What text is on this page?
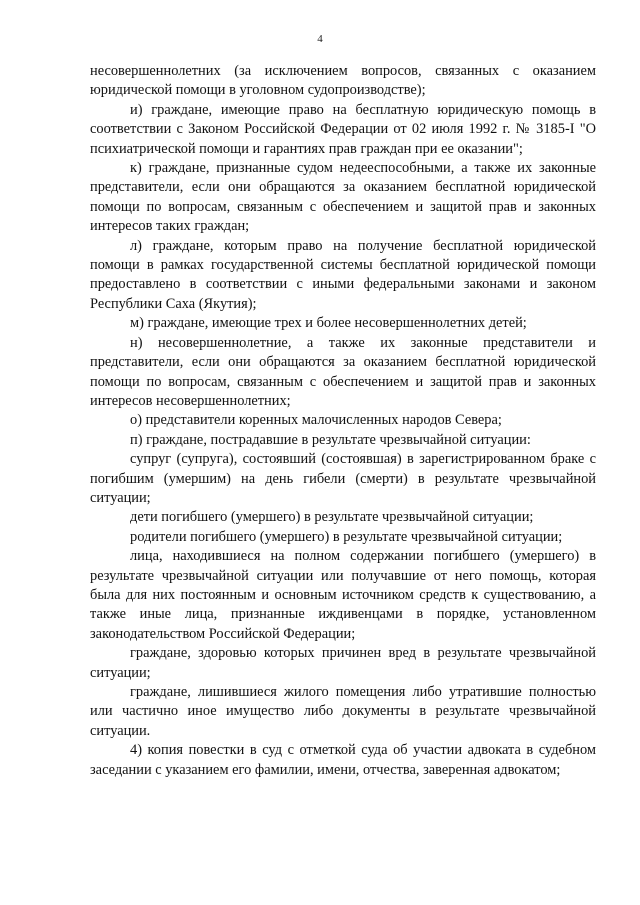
4

несовершеннолетних (за исключением вопросов, связанных с оказанием юридической помощи в уголовном судопроизводстве);

и) граждане, имеющие право на бесплатную юридическую помощь в соответствии с Законом Российской Федерации от 02 июля 1992 г. № 3185-I "О психиатрической помощи и гарантиях прав граждан при ее оказании";

к) граждане, признанные судом недееспособными, а также их законные представители, если они обращаются за оказанием бесплатной юридической помощи по вопросам, связанным с обеспечением и защитой прав и законных интересов таких граждан;

л) граждане, которым право на получение бесплатной юридической помощи в рамках государственной системы бесплатной юридической помощи предоставлено в соответствии с иными федеральными законами и законом Республики Саха (Якутия);

м) граждане, имеющие трех и более несовершеннолетних детей;

н) несовершеннолетние, а также их законные представители и представители, если они обращаются за оказанием бесплатной юридической помощи по вопросам, связанным с обеспечением и защитой прав и законных интересов несовершеннолетних;

о) представители коренных малочисленных народов Севера;

п) граждане, пострадавшие в результате чрезвычайной ситуации:

супруг (супруга), состоявший (состоявшая) в зарегистрированном браке с погибшим (умершим) на день гибели (смерти) в результате чрезвычайной ситуации;

дети погибшего (умершего) в результате чрезвычайной ситуации;

родители погибшего (умершего) в результате чрезвычайной ситуации;

лица, находившиеся на полном содержании погибшего (умершего) в результате чрезвычайной ситуации или получавшие от него помощь, которая была для них постоянным и основным источником средств к существованию, а также иные лица, признанные иждивенцами в порядке, установленном законодательством Российской Федерации;

граждане, здоровью которых причинен вред в результате чрезвычайной ситуации;

граждане, лишившиеся жилого помещения либо утратившие полностью или частично иное имущество либо документы в результате чрезвычайной ситуации.

4) копия повестки в суд с отметкой суда об участии адвоката в судебном заседании с указанием его фамилии, имени, отчества, заверенная адвокатом;
